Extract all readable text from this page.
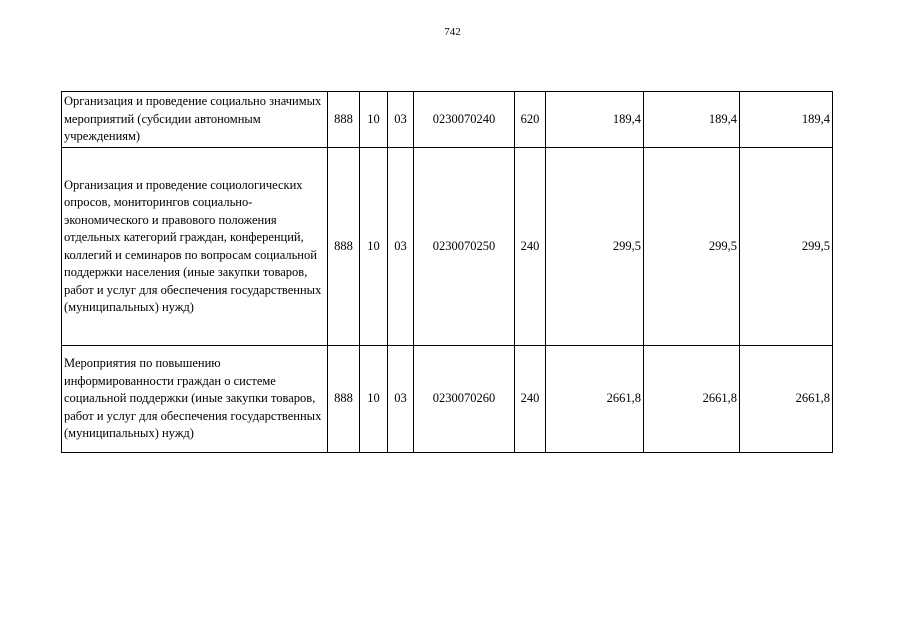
742
Организация и проведение социально значимых мероприятий (субсидии автономным учреждениям)	888	10	03	0230070240	620	189,4	189,4	189,4
Организация и проведение социологических опросов, мониторингов социально-экономического и правового положения отдельных категорий граждан, конференций, коллегий и семинаров по вопросам социальной поддержки населения (иные закупки товаров, работ и услуг для обеспечения государственных (муниципальных) нужд)	888	10	03	0230070250	240	299,5	299,5	299,5
Мероприятия по повышению информированности граждан о системе социальной поддержки (иные закупки товаров, работ и услуг для обеспечения государственных (муниципальных) нужд)	888	10	03	0230070260	240	2661,8	2661,8	2661,8
